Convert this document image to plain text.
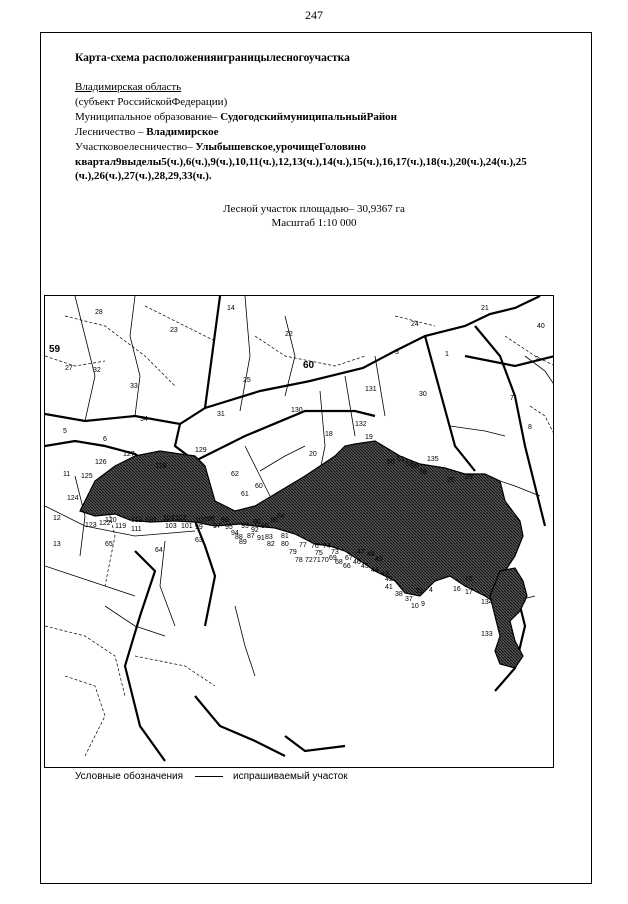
247
Карта-схема расположенияиграницылесногоучастка
Владимирская область
(субъект РоссийскойФедерации)
Муниципальное образование– СудогодскиймуниципальныйРайон
Лесничество – Владимирское
Участковоелесничество– Улыбышевское,урочищеГоловино
квартал9выделы5(ч.),6(ч.),9(ч.),10,11(ч.),12,13(ч.),14(ч.),15(ч.),16,17(ч.),18(ч.),20(ч.),24(ч.),25 (ч.),26(ч.),27(ч.),28,29,33(ч.).
Лесной участок площадью– 30,9367 га
Масштаб 1:10 000
59
60
28
23
14
22
21
24	40
27	32
33
25
34
31
1
2
3
5
6
7
8
126
127
128
129
11 125
124
12
123 122
13
120
119
112
111
110 104
103
102
101
100
99
98
97
96
95
94
93
92
91
90
89
88 87
86
85
84
83
82
81
80
79
78
77 76
75
74
73
72 71 70 69
68
67
66
65
64
63
62
61
60
18	19
20
130
131
132
133
134
135
26 29
30
35
36
15
16 17
4
9
10
37
38 39
41
42
43
44
45
46
47 48
49
50 51
52
Условные обозначения	испрашиваемый участок
